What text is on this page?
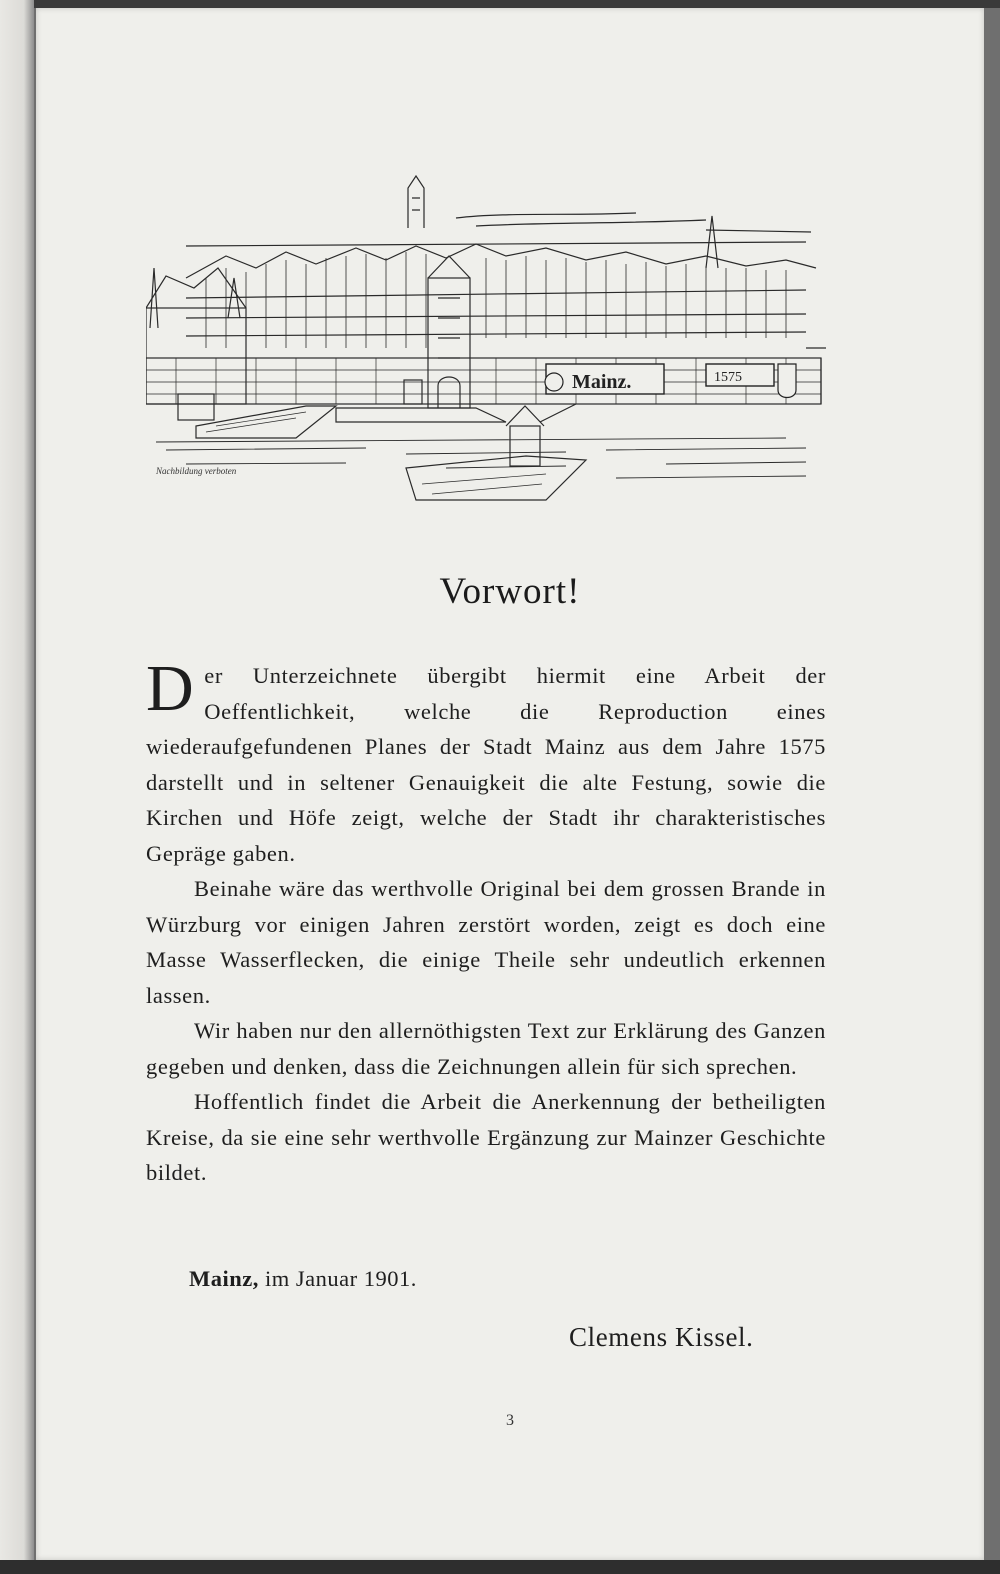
Mainz.	1575
Nachbildung verboten
Vorwort!

Der Unterzeichnete übergibt hiermit eine Arbeit der Oeffentlichkeit, welche die Reproduction eines wiederaufgefundenen Planes der Stadt Mainz aus dem Jahre 1575 darstellt und in seltener Genauigkeit die alte Festung, sowie die Kirchen und Höfe zeigt, welche der Stadt ihr charakteristisches Gepräge gaben.

Beinahe wäre das werthvolle Original bei dem grossen Brande in Würzburg vor einigen Jahren zerstört worden, zeigt es doch eine Masse Wasserflecken, die einige Theile sehr undeutlich erkennen lassen.

Wir haben nur den allernöthigsten Text zur Erklärung des Ganzen gegeben und denken, dass die Zeichnungen allein für sich sprechen.

Hoffentlich findet die Arbeit die Anerkennung der betheiligten Kreise, da sie eine sehr werthvolle Ergänzung zur Mainzer Geschichte bildet.

Mainz, im Januar 1901.
Clemens Kissel.
3
